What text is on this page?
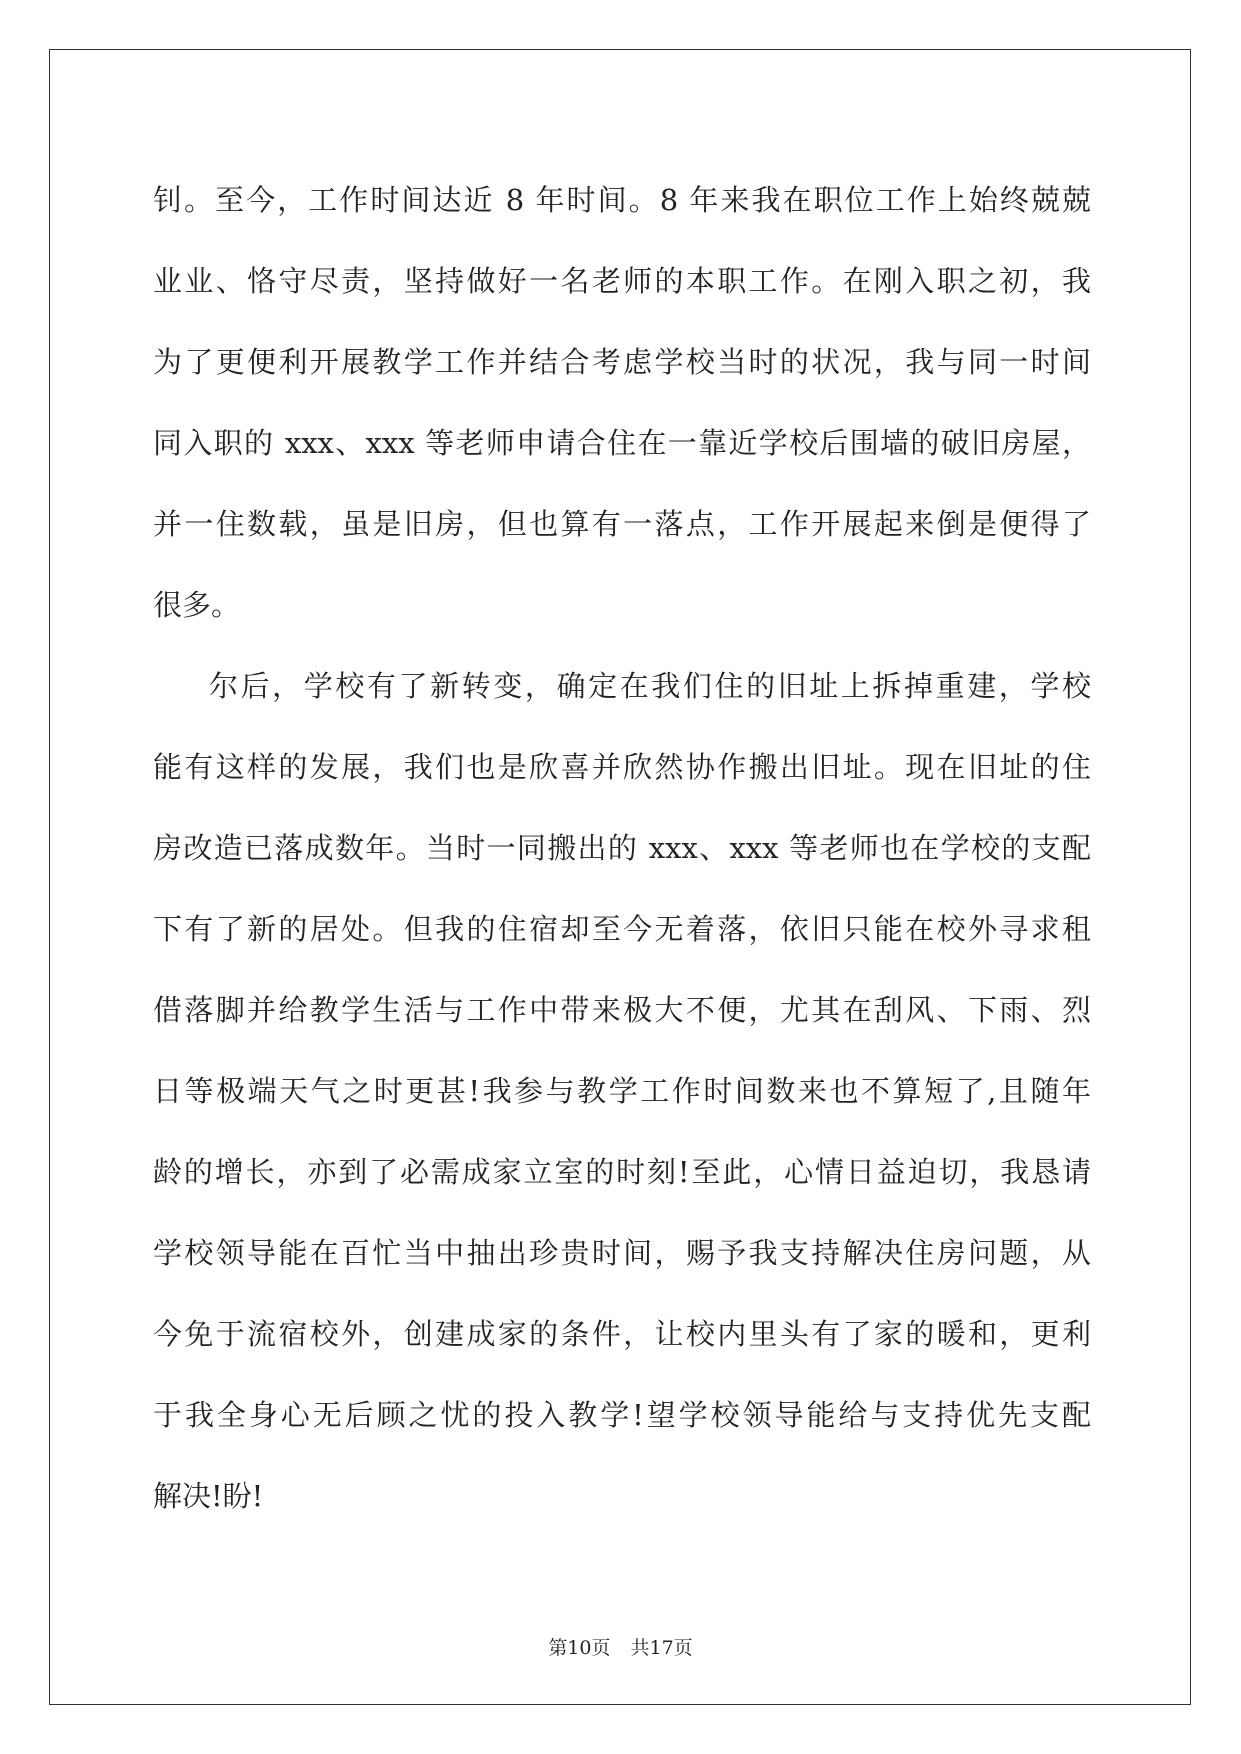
钊。至今，工作时间达近 8 年时间。8 年来我在职位工作上始终兢兢
业业、恪守尽责，坚持做好一名老师的本职工作。在刚入职之初，我
为了更便利开展教学工作并结合考虑学校当时的状况，我与同一时间
同入职的 xxx、xxx 等老师申请合住在一靠近学校后围墙的破旧房屋，
并一住数载，虽是旧房，但也算有一落点，工作开展起来倒是便得了
很多。
尔后，学校有了新转变，确定在我们住的旧址上拆掉重建，学校
能有这样的发展，我们也是欣喜并欣然协作搬出旧址。现在旧址的住
房改造已落成数年。当时一同搬出的 xxx、xxx 等老师也在学校的支配
下有了新的居处。但我的住宿却至今无着落，依旧只能在校外寻求租
借落脚并给教学生活与工作中带来极大不便，尤其在刮风、下雨、烈
日等极端天气之时更甚!我参与教学工作时间数来也不算短了,且随年
龄的增长，亦到了必需成家立室的时刻!至此，心情日益迫切，我恳请
学校领导能在百忙当中抽出珍贵时间，赐予我支持解决住房问题，从
今免于流宿校外，创建成家的条件，让校内里头有了家的暖和，更利
于我全身心无后顾之忧的投入教学!望学校领导能给与支持优先支配
解决!盼!
第10页 共17页
